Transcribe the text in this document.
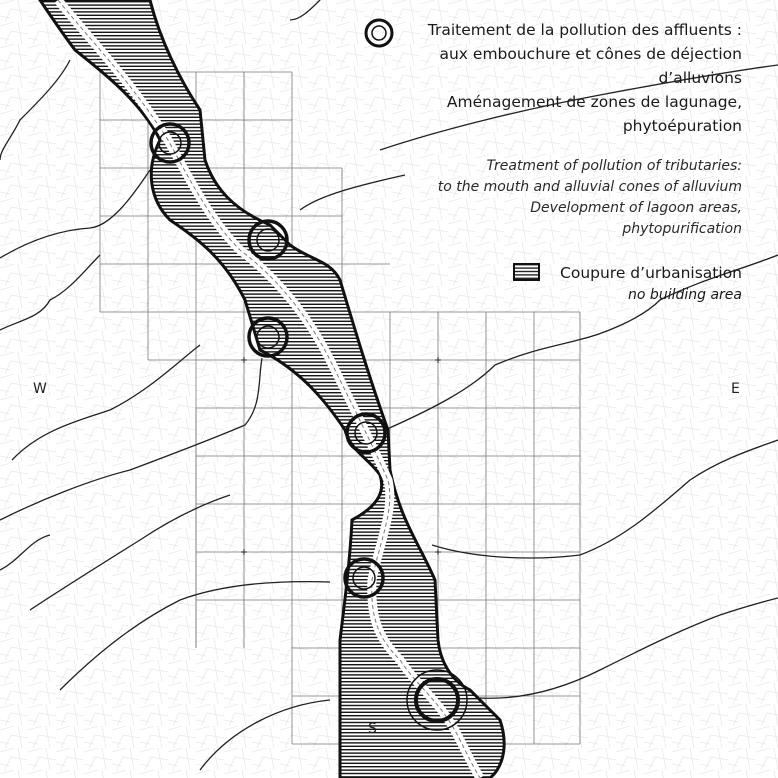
Traitement de la pollution des affluents :
aux embouchure et cônes de déjection
d’alluvions
Aménagement de zones de lagunage,
phytoépuration
Treatment of pollution of tributaries:
to the mouth and alluvial cones of alluvium
Development of lagoon areas,
phytopurification
Coupure d’urbanisation
no building area
W	E
S
